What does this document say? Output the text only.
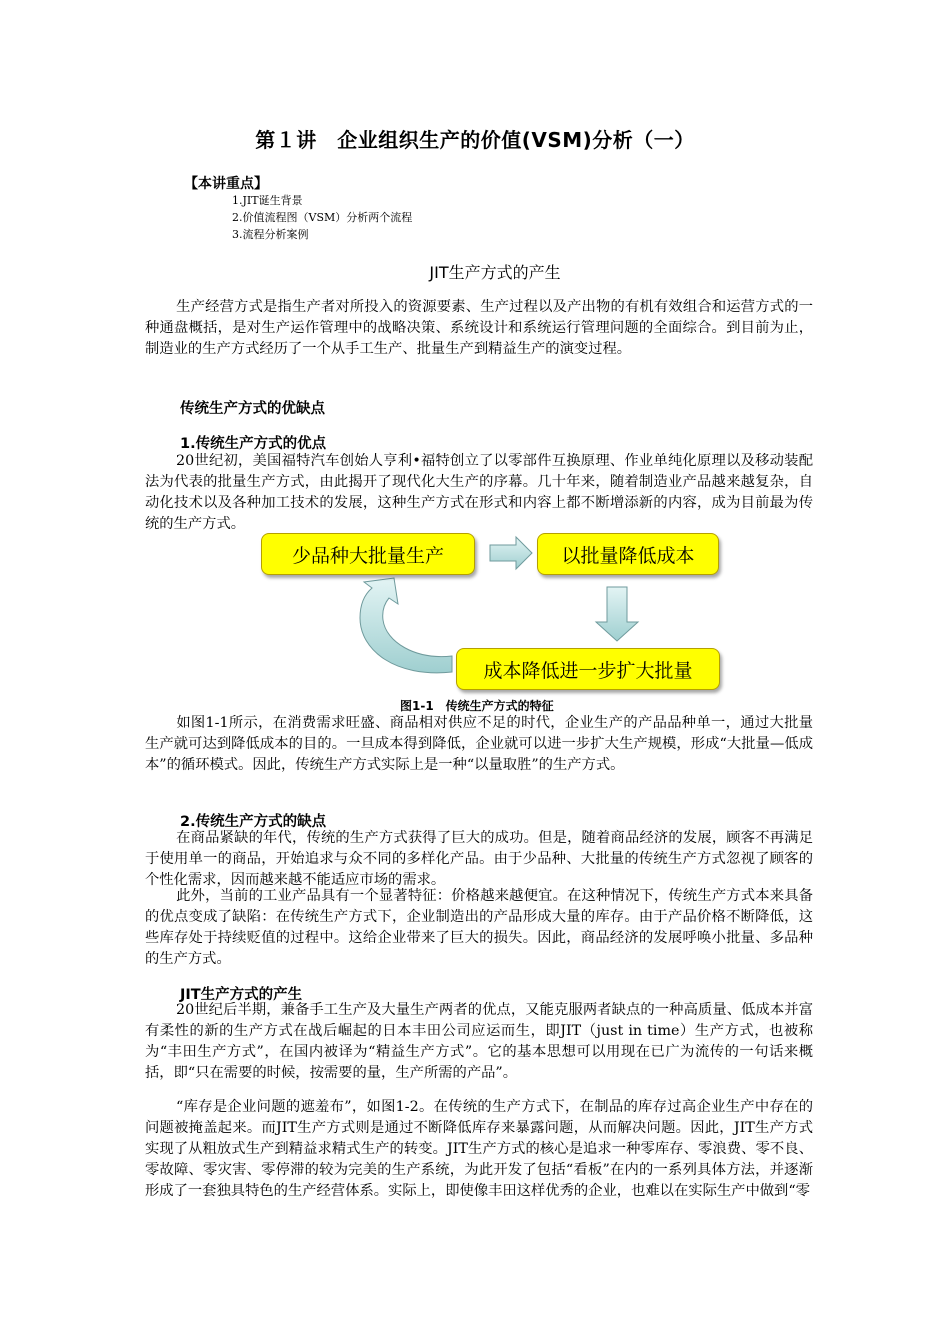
第１讲　企业组织生产的价值(VSM)分析（一）
【本讲重点】
1.JIT诞生背景
2.价值流程图（VSM）分析两个流程
3.流程分析案例
JIT生产方式的产生

生产经营方式是指生产者对所投入的资源要素、生产过程以及产出物的有机有效组合和运营方式的一种通盘概括，是对生产运作管理中的战略决策、系统设计和系统运行管理问题的全面综合。到目前为止，制造业的生产方式经历了一个从手工生产、批量生产到精益生产的演变过程。

传统生产方式的优缺点
1.传统生产方式的优点

20世纪初，美国福特汽车创始人亨利•福特创立了以零部件互换原理、作业单纯化原理以及移动装配法为代表的批量生产方式，由此揭开了现代化大生产的序幕。几十年来，随着制造业产品越来越复杂，自动化技术以及各种加工技术的发展，这种生产方式在形式和内容上都不断增添新的内容，成为目前最为传统的生产方式。

少品种大批量生产	以批量降低成本
成本降低进一步扩大批量
图1-1　传统生产方式的特征

如图1-1所示，在消费需求旺盛、商品相对供应不足的时代，企业生产的产品品种单一，通过大批量生产就可达到降低成本的目的。一旦成本得到降低，企业就可以进一步扩大生产规模，形成“大批量—低成本”的循环模式。因此，传统生产方式实际上是一种“以量取胜”的生产方式。

2.传统生产方式的缺点

在商品紧缺的年代，传统的生产方式获得了巨大的成功。但是，随着商品经济的发展，顾客不再满足于使用单一的商品，开始追求与众不同的多样化产品。由于少品种、大批量的传统生产方式忽视了顾客的个性化需求，因而越来越不能适应市场的需求。

此外，当前的工业产品具有一个显著特征：价格越来越便宜。在这种情况下，传统生产方式本来具备的优点变成了缺陷：在传统生产方式下，企业制造出的产品形成大量的库存。由于产品价格不断降低，这些库存处于持续贬值的过程中。这给企业带来了巨大的损失。因此，商品经济的发展呼唤小批量、多品种的生产方式。

JIT生产方式的产生

20世纪后半期，兼备手工生产及大量生产两者的优点，又能克服两者缺点的一种高质量、低成本并富有柔性的新的生产方式在战后崛起的日本丰田公司应运而生，即JIT（just in time）生产方式，也被称为“丰田生产方式”，在国内被译为“精益生产方式”。它的基本思想可以用现在已广为流传的一句话来概括，即“只在需要的时候，按需要的量，生产所需的产品”。

“库存是企业问题的遮羞布”，如图1-2。在传统的生产方式下，在制品的库存过高企业生产中存在的问题被掩盖起来。而JIT生产方式则是通过不断降低库存来暴露问题，从而解决问题。因此，JIT生产方式实现了从粗放式生产到精益求精式生产的转变。JIT生产方式的核心是追求一种零库存、零浪费、零不良、零故障、零灾害、零停滞的较为完美的生产系统，为此开发了包括“看板”在内的一系列具体方法，并逐渐形成了一套独具特色的生产经营体系。实际上，即使像丰田这样优秀的企业，也难以在实际生产中做到“零
